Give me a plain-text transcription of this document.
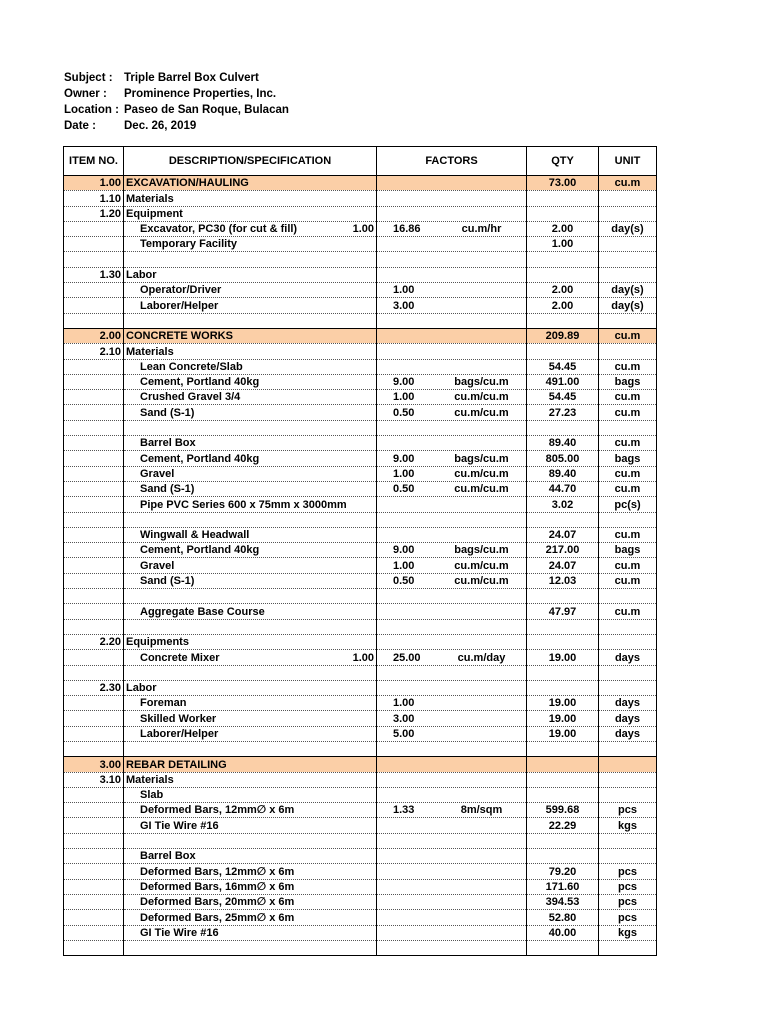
Subject : Triple Barrel Box Culvert
Owner : Prominence Properties, Inc.
Location : Paseo de San Roque, Bulacan
Date : Dec. 26, 2019
ITEM NO.	DESCRIPTION/SPECIFICATION	FACTORS	QTY	UNIT
1.00	EXCAVATION/HAULING		73.00	cu.m
1.10	Materials			

1.20	Equipment			

	Excavator, PC30 (for cut & fill) 1.00	16.86 cu.m/hr	2.00	day(s)

	Temporary Facility		1.00	

1.30	Labor			

	Operator/Driver	1.00	2.00	day(s)

	Laborer/Helper	3.00	2.00	day(s)

2.00	CONCRETE WORKS		209.89	cu.m
2.10	Materials			

	Lean Concrete/Slab		54.45	cu.m

	Cement, Portland 40kg	9.00 bags/cu.m	491.00	bags

	Crushed Gravel 3/4	1.00 cu.m/cu.m	54.45	cu.m

	Sand (S-1)	0.50 cu.m/cu.m	27.23	cu.m

	Barrel Box		89.40	cu.m

	Cement, Portland 40kg	9.00 bags/cu.m	805.00	bags

	Gravel	1.00 cu.m/cu.m	89.40	cu.m

	Sand (S-1)	0.50 cu.m/cu.m	44.70	cu.m

	Pipe PVC Series 600 x 75mm x 3000mm		3.02	pc(s)

	Wingwall & Headwall		24.07	cu.m

	Cement, Portland 40kg	9.00 bags/cu.m	217.00	bags

	Gravel	1.00 cu.m/cu.m	24.07	cu.m

	Sand (S-1)	0.50 cu.m/cu.m	12.03	cu.m

	Aggregate Base Course		47.97	cu.m

2.20	Equipments			

	Concrete Mixer 1.00	25.00 cu.m/day	19.00	days

2.30	Labor			

	Foreman	1.00	19.00	days

	Skilled Worker	3.00	19.00	days

	Laborer/Helper	5.00	19.00	days

3.00	REBAR DETAILING			

3.10	Materials			

	Slab			

	Deformed Bars, 12mm∅ x 6m	1.33 8m/sqm	599.68	pcs

	GI Tie Wire #16		22.29	kgs

	Barrel Box			

	Deformed Bars, 12mm∅ x 6m		79.20	pcs

	Deformed Bars, 16mm∅ x 6m		171.60	pcs

	Deformed Bars, 20mm∅ x 6m		394.53	pcs

	Deformed Bars, 25mm∅ x 6m		52.80	pcs

	GI Tie Wire #16		40.00	kgs
